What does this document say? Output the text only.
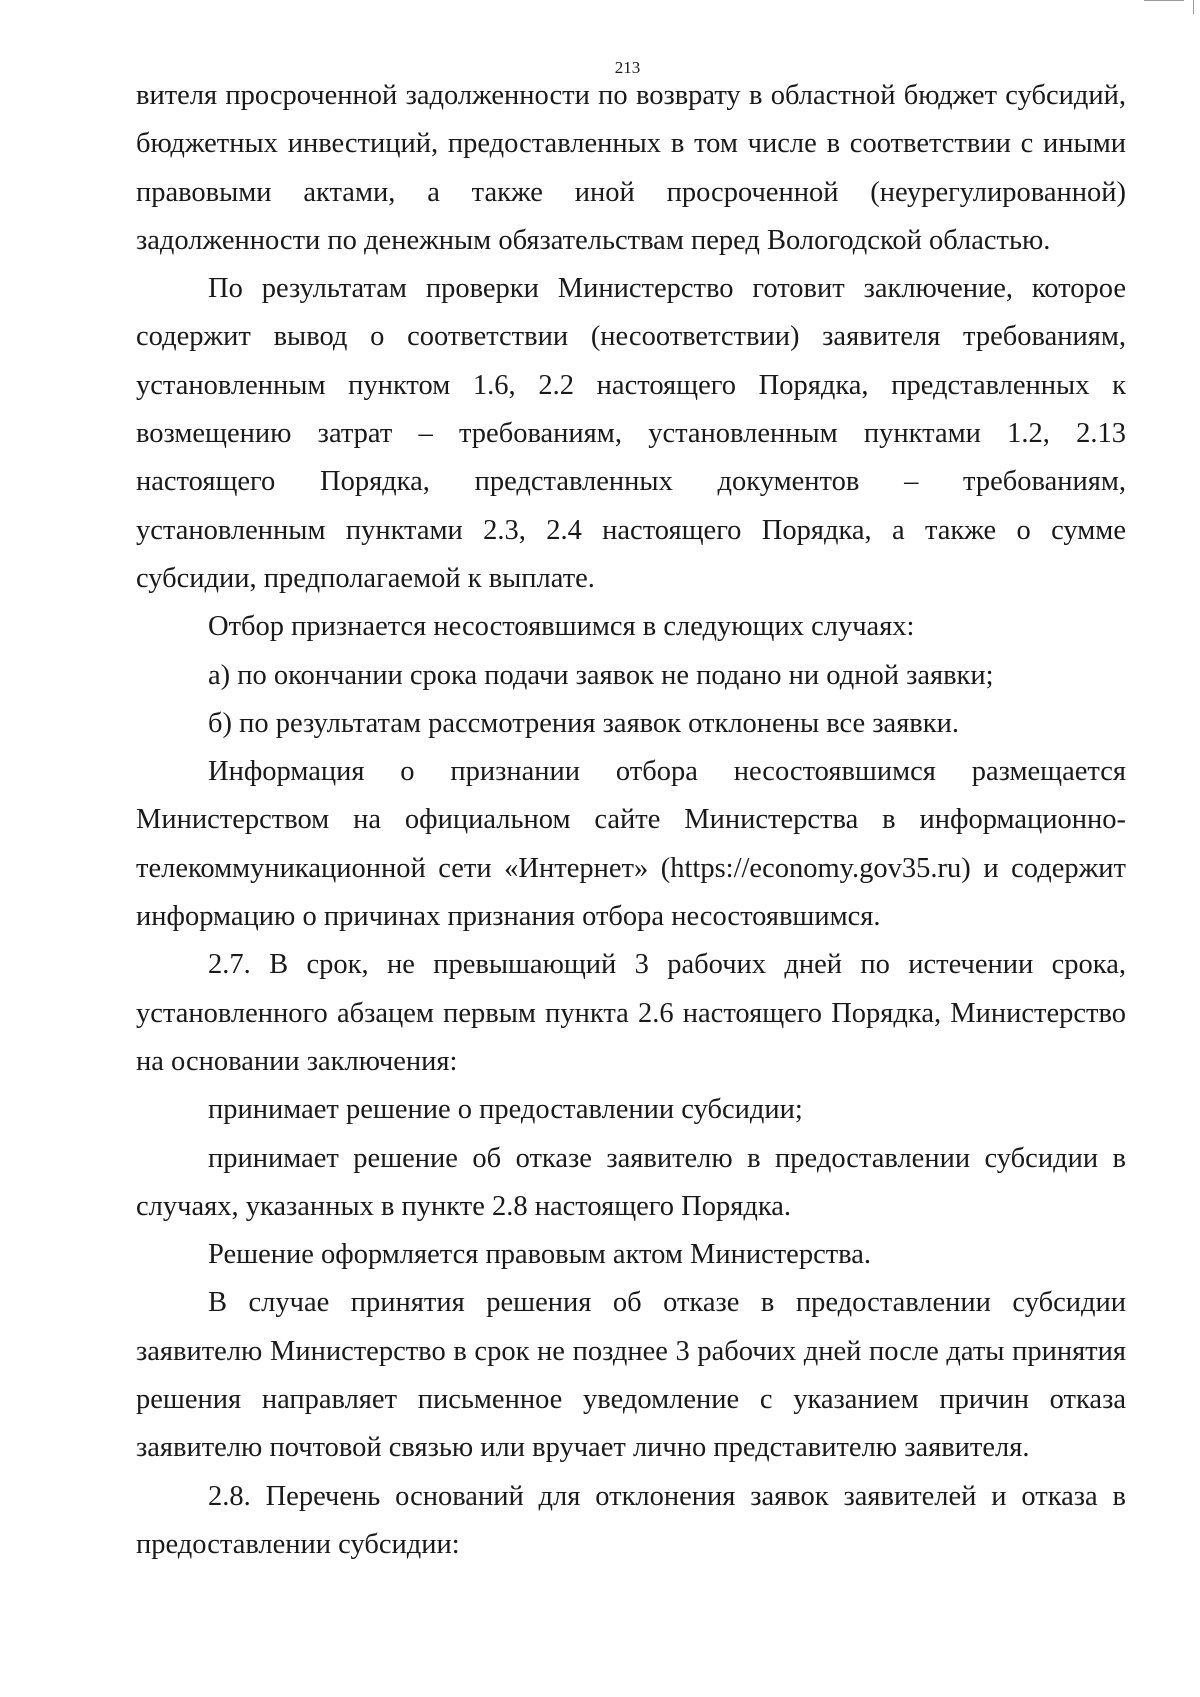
213

вителя просроченной задолженности по возврату в областной бюджет субсидий, бюджетных инвестиций, предоставленных в том числе в соответствии с иными правовыми актами, а также иной просроченной (неурегулированной) задолженности по денежным обязательствам перед Вологодской областью.

По результатам проверки Министерство готовит заключение, которое содержит вывод о соответствии (несоответствии) заявителя требованиям, установленным пунктом 1.6, 2.2 настоящего Порядка, представленных к возмещению затрат – требованиям, установленным пунктами 1.2, 2.13 настоящего Порядка, представленных документов – требованиям, установленным пунктами 2.3, 2.4 настоящего Порядка, а также о сумме субсидии, предполагаемой к выплате.

Отбор признается несостоявшимся в следующих случаях:

а) по окончании срока подачи заявок не подано ни одной заявки;

б) по результатам рассмотрения заявок отклонены все заявки.

Информация о признании отбора несостоявшимся размещается Министерством на официальном сайте Министерства в информационно-телекоммуникационной сети «Интернет» (https://economy.gov35.ru) и содержит информацию о причинах признания отбора несостоявшимся.

2.7. В срок, не превышающий 3 рабочих дней по истечении срока, установленного абзацем первым пункта 2.6 настоящего Порядка, Министерство на основании заключения:

принимает решение о предоставлении субсидии;

принимает решение об отказе заявителю в предоставлении субсидии в случаях, указанных в пункте 2.8 настоящего Порядка.

Решение оформляется правовым актом Министерства.

В случае принятия решения об отказе в предоставлении субсидии заявителю Министерство в срок не позднее 3 рабочих дней после даты принятия решения направляет письменное уведомление с указанием причин отказа заявителю почтовой связью или вручает лично представителю заявителя.

2.8. Перечень оснований для отклонения заявок заявителей и отказа в предоставлении субсидии:
